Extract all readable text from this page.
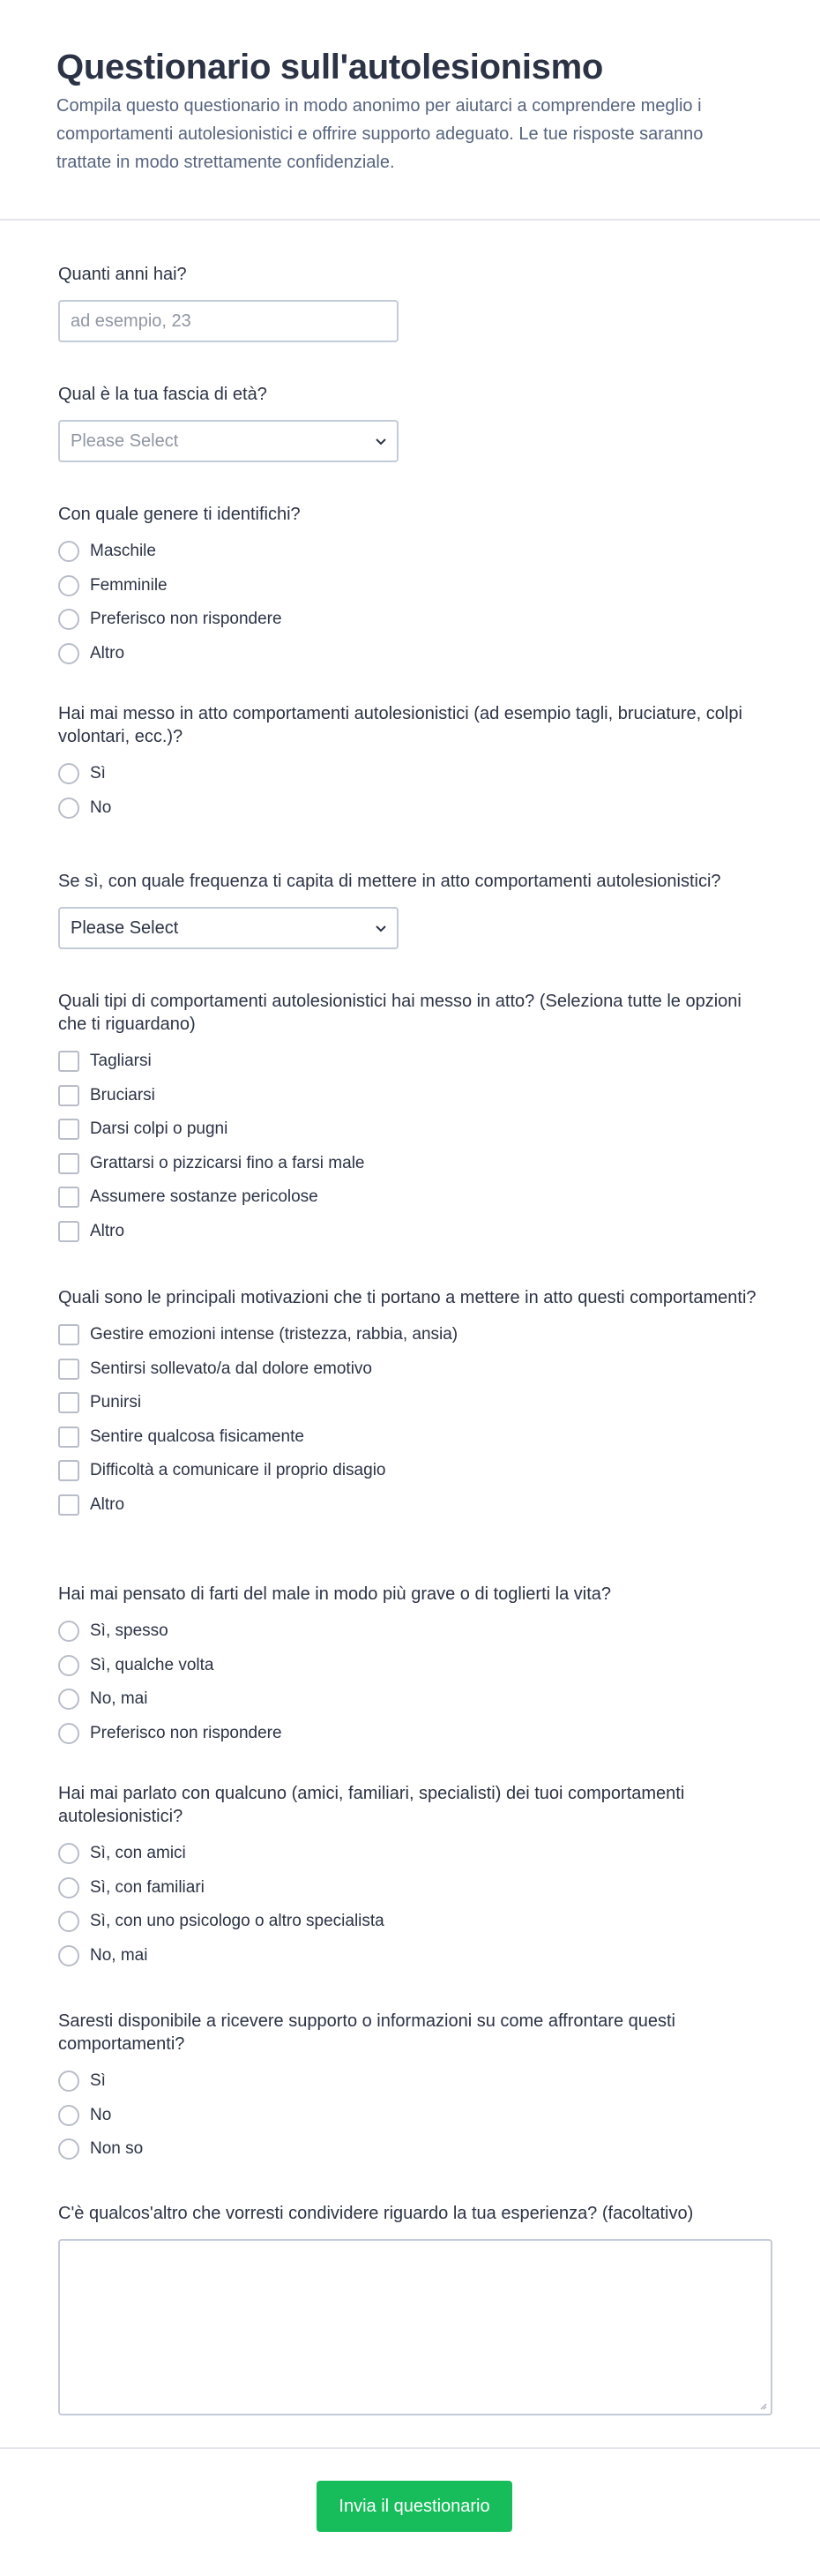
Questionario sull'autolesionismo

Compila questo questionario in modo anonimo per aiutarci a comprendere meglio i comportamenti autolesionistici e offrire supporto adeguato. Le tue risposte saranno trattate in modo strettamente confidenziale.

Quanti anni hai?
ad esempio, 23
Qual è la tua fascia di età?
Please Select
Con quale genere ti identifichi?
Maschile
Femminile
Preferisco non rispondere
Altro
Hai mai messo in atto comportamenti autolesionistici (ad esempio tagli, bruciature, colpi volontari, ecc.)?
Sì
No
Se sì, con quale frequenza ti capita di mettere in atto comportamenti autolesionistici?
Please Select
Quali tipi di comportamenti autolesionistici hai messo in atto? (Seleziona tutte le opzioni che ti riguardano)
Tagliarsi
Bruciarsi
Darsi colpi o pugni
Grattarsi o pizzicarsi fino a farsi male
Assumere sostanze pericolose
Altro
Quali sono le principali motivazioni che ti portano a mettere in atto questi comportamenti?
Gestire emozioni intense (tristezza, rabbia, ansia)
Sentirsi sollevato/a dal dolore emotivo
Punirsi
Sentire qualcosa fisicamente
Difficoltà a comunicare il proprio disagio
Altro
Hai mai pensato di farti del male in modo più grave o di toglierti la vita?
Sì, spesso
Sì, qualche volta
No, mai
Preferisco non rispondere
Hai mai parlato con qualcuno (amici, familiari, specialisti) dei tuoi comportamenti autolesionistici?
Sì, con amici
Sì, con familiari
Sì, con uno psicologo o altro specialista
No, mai
Saresti disponibile a ricevere supporto o informazioni su come affrontare questi comportamenti?
Sì
No
Non so
C'è qualcos'altro che vorresti condividere riguardo la tua esperienza? (facoltativo)
Invia il questionario
